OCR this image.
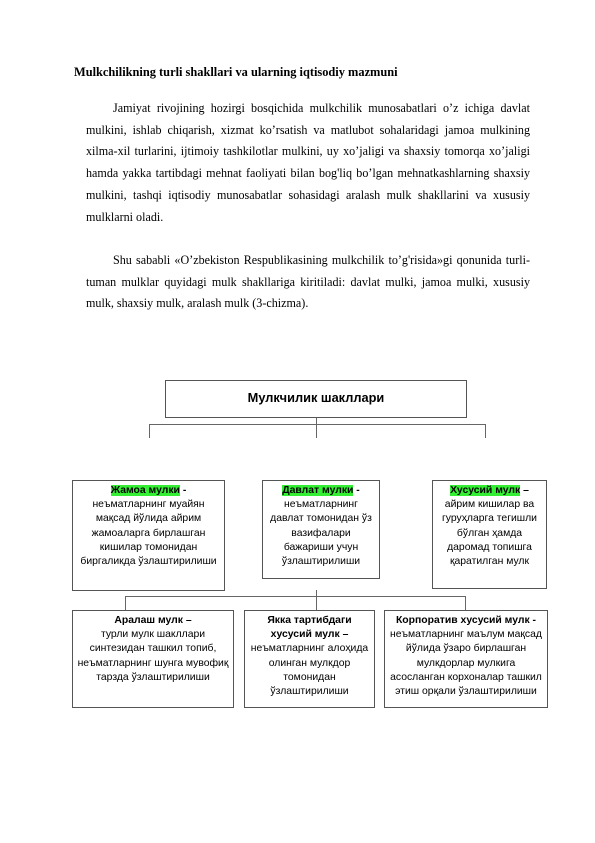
Mulkchilikning turli shakllari va ularning iqtisodiy mazmuni

Jamiyat rivojining hozirgi bosqichida mulkchilik munosabatlari o’z ichiga davlat mulkini, ishlab chiqarish, xizmat ko’rsatish va matlubot sohalaridagi jamoa mulkining xilma-xil turlarini, ijtimoiy tashkilotlar mulkini, uy xo’jaligi va shaxsiy tomorqa xo’jaligi hamda yakka tartibdagi mehnat faoliyati bilan bog'liq bo’lgan mehnatkashlarning shaxsiy mulkini, tashqi iqtisodiy munosabatlar sohasidagi aralash mulk shakllarini va xususiy mulklarni oladi.

Shu sababli «O’zbekiston Respublikasining mulkchilik to’g'risida»gi qonunida turli-tuman mulklar quyidagi mulk shakllariga kiritiladi: davlat mulki, jamoa mulki, xususiy mulk, shaxsiy mulk, aralash mulk (3-chizma).

Мулкчилик шакллари
Жамоа мулки -
неъматларнинг муайян мақсад йўлида айрим жамоаларга бирлашган кишилар томонидан биргаликда ўзлаштирилиши
Давлат мулки -
неъматларнинг давлат томонидан ўз вазифалари бажариши учун ўзлаштирилиши
Хусусий мулк –
айрим кишилар ва гуруҳларга тегишли бўлган ҳамда даромад топишга қаратилган мулк
Аралаш мулк –
турли мулк шакллари синтезидан ташкил топиб, неъматларнинг шунга мувофиқ тарзда ўзлаштирилиши
Якка тартибдаги хусусий мулк –
неъматларнинг алоҳида олинган мулкдор томонидан ўзлаштирилиши
Корпоратив хусусий мулк -
неъматларнинг маълум мақсад йўлида ўзаро бирлашган мулкдорлар мулкига асосланган корхоналар ташкил этиш орқали ўзлаштирилиши
